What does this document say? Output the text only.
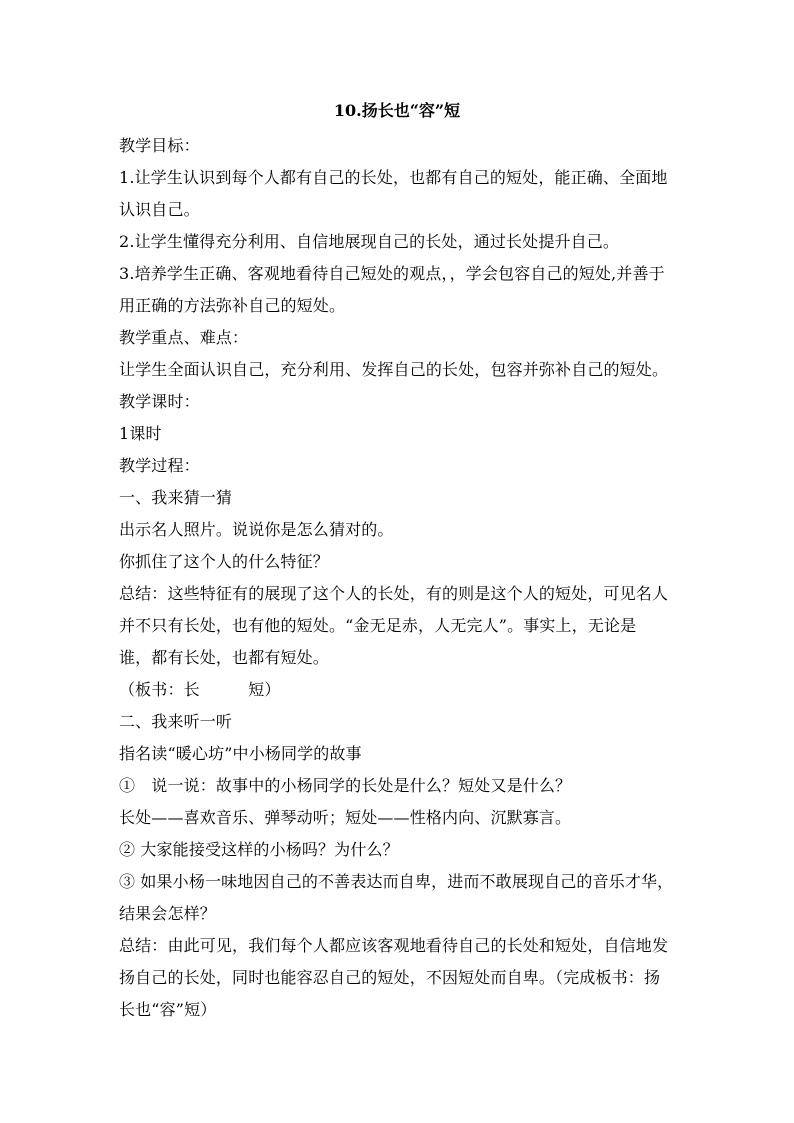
10.扬长也“容”短
教学目标：
1.让学生认识到每个人都有自己的长处，也都有自己的短处，能正确、全面地
认识自己。
2.让学生懂得充分利用、自信地展现自己的长处，通过长处提升自己。
3.培养学生正确、客观地看待自己短处的观点，，学会包容自己的短处,并善于
用正确的方法弥补自己的短处。
教学重点、难点：
让学生全面认识自己，充分利用、发挥自己的长处，包容并弥补自己的短处。
教学课时：
1课时
教学过程：
一、我来猜一猜
出示名人照片。说说你是怎么猜对的。
你抓住了这个人的什么特征？
总结：这些特征有的展现了这个人的长处，有的则是这个人的短处，可见名人
并不只有长处，也有他的短处。“金无足赤，人无完人”。事实上，无论是
谁，都有长处，也都有短处。
（板书：长　　　短）
二、我来听一听
指名读“暖心坊”中小杨同学的故事
①　说一说：故事中的小杨同学的长处是什么？短处又是什么？
长处——喜欢音乐、弹琴动听；短处——性格内向、沉默寡言。
② 大家能接受这样的小杨吗？为什么？
③ 如果小杨一味地因自己的不善表达而自卑，进而不敢展现自己的音乐才华，
结果会怎样？
总结：由此可见，我们每个人都应该客观地看待自己的长处和短处，自信地发
扬自己的长处，同时也能容忍自己的短处，不因短处而自卑。（完成板书：扬
长也“容”短）
